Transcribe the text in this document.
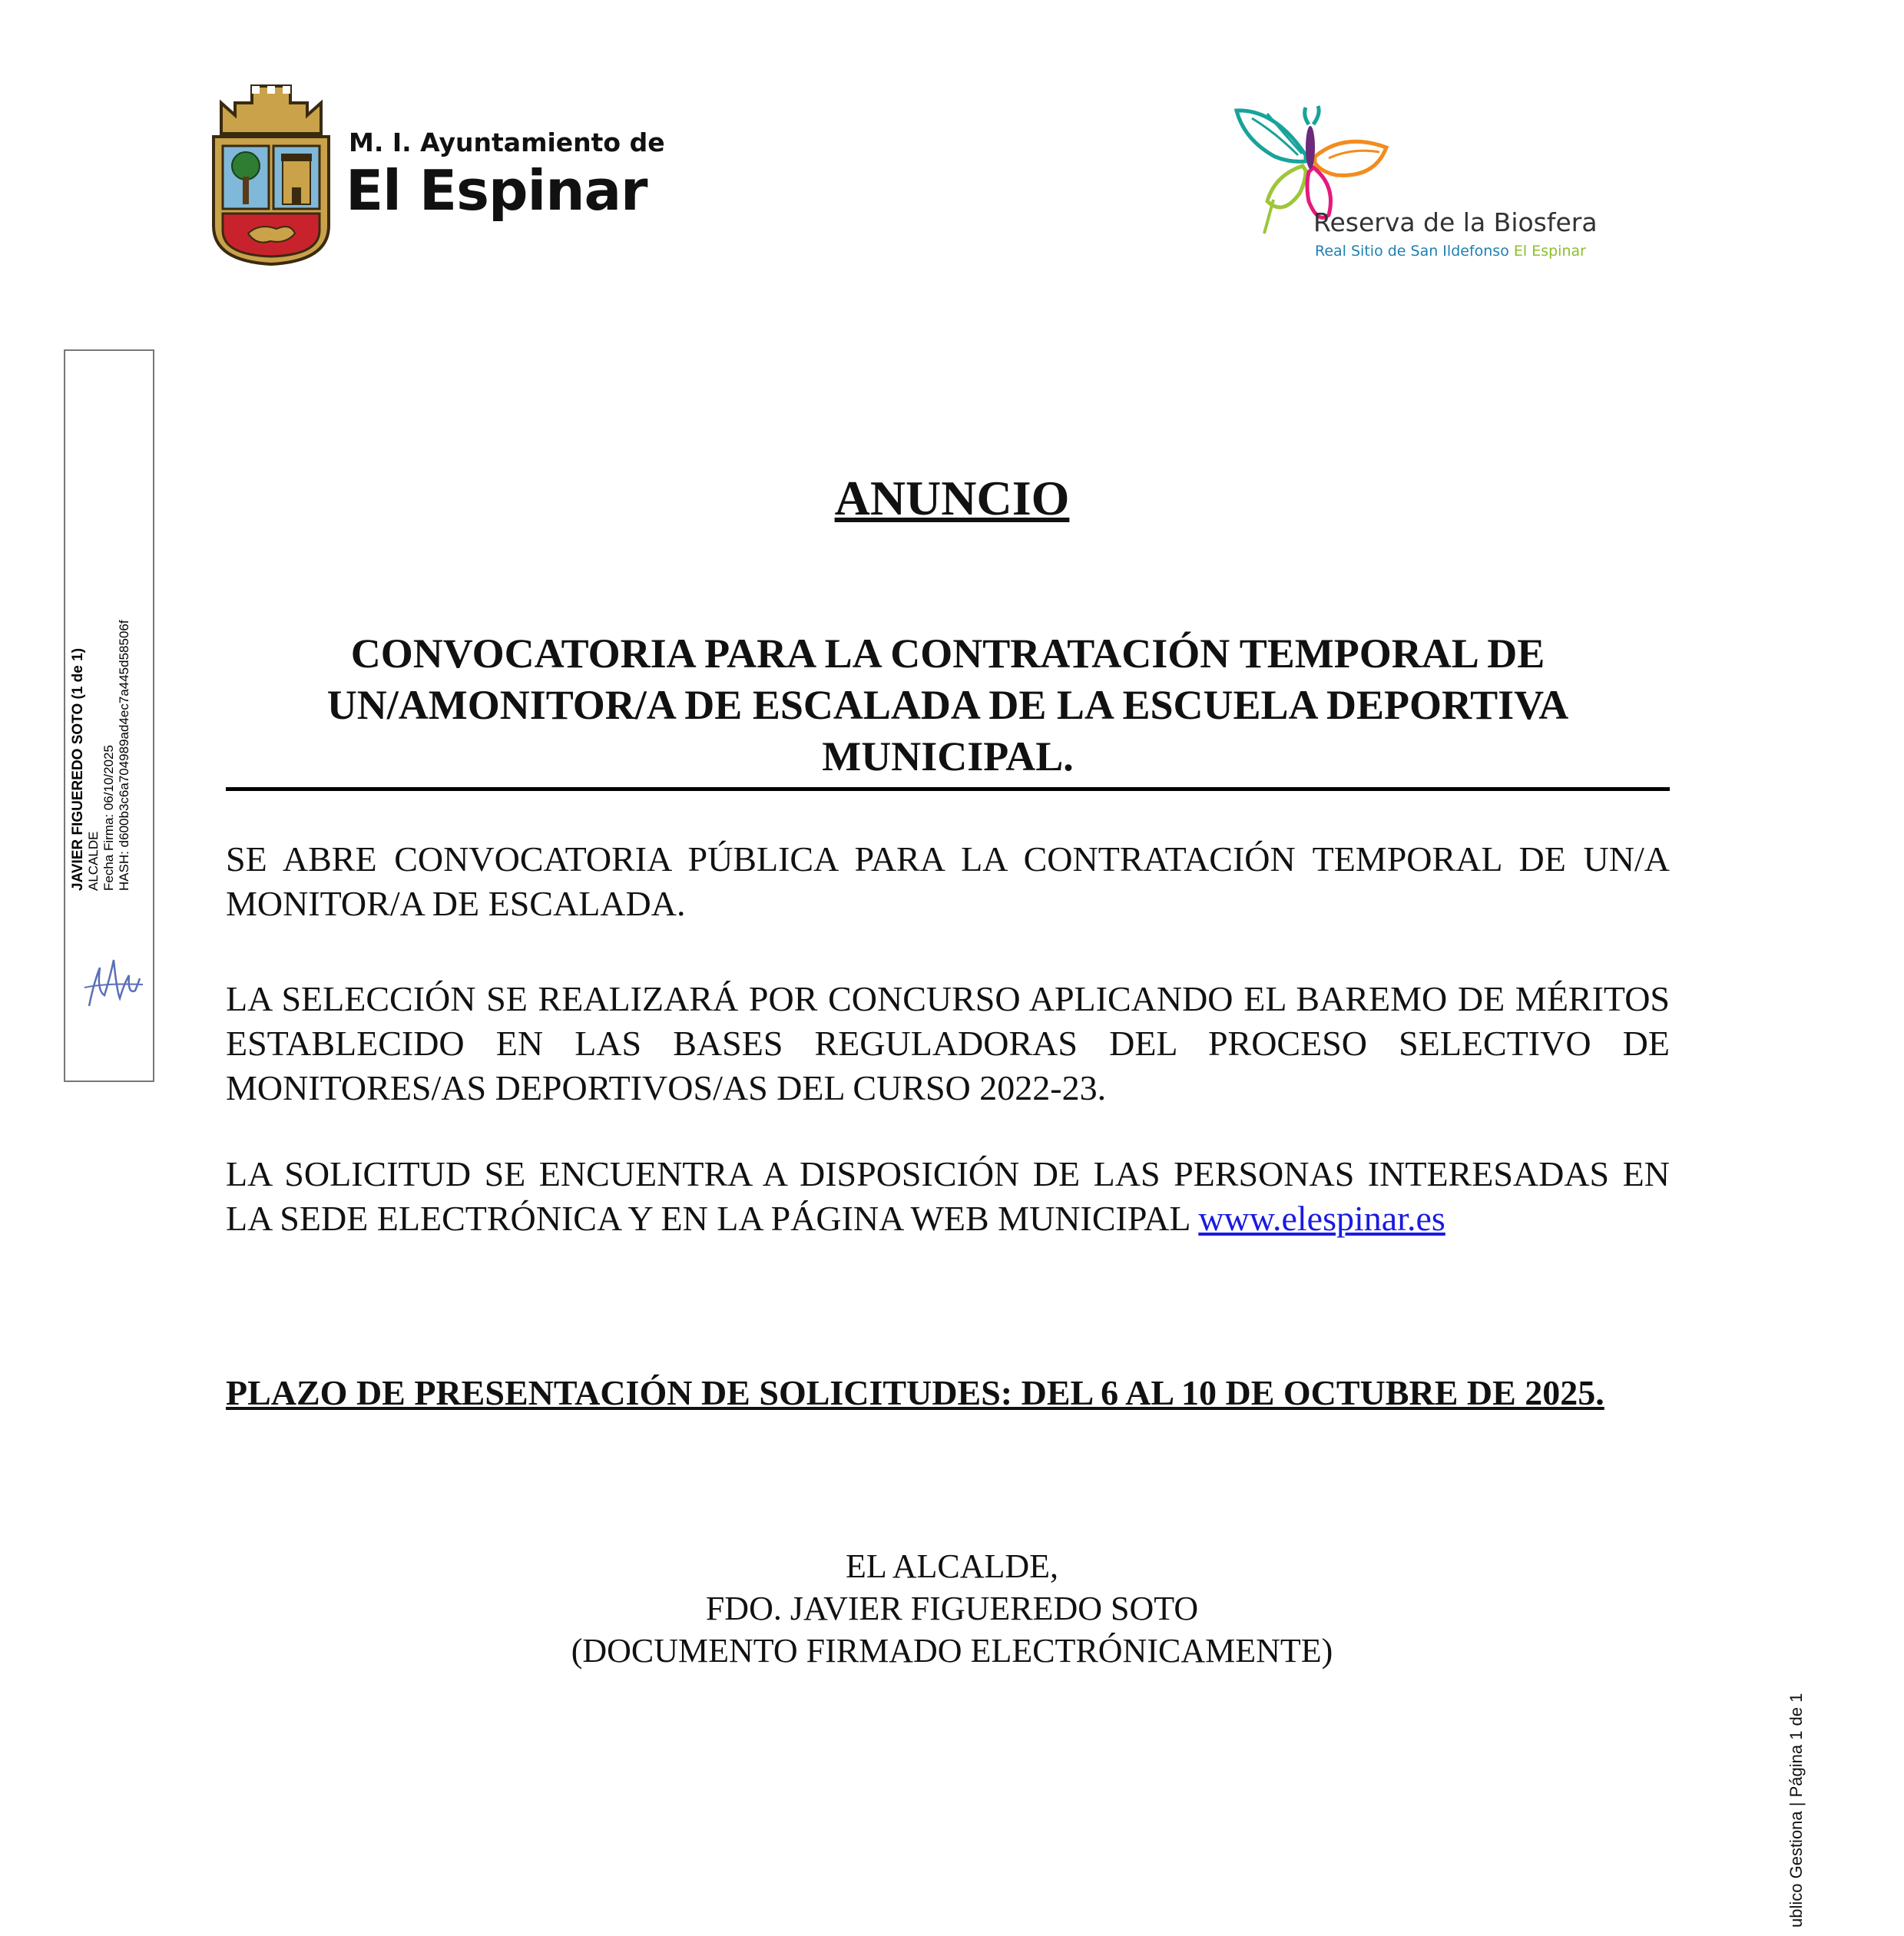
M. I. Ayuntamiento de
El Espinar	Reserva de la Biosfera
Real Sitio de San Ildefonso El Espinar
JAVIER FIGUEREDO SOTO (1 de 1) ALCALDE Fecha Firma: 06/10/2025 HASH: d600b3c6a704989ad4ec7a445d58506f
ublico Gestiona | Página 1 de 1
ANUNCIO
CONVOCATORIA PARA LA CONTRATACIÓN TEMPORAL DE UN/AMONITOR/A DE ESCALADA DE LA ESCUELA DEPORTIVA MUNICIPAL.

SE ABRE CONVOCATORIA PÚBLICA PARA LA CONTRATACIÓN TEMPORAL DE UN/A MONITOR/A DE ESCALADA.

LA SELECCIÓN SE REALIZARÁ POR CONCURSO APLICANDO EL BAREMO DE MÉRITOS ESTABLECIDO EN LAS BASES REGULADORAS DEL PROCESO SELECTIVO DE MONITORES/AS DEPORTIVOS/AS DEL CURSO 2022-23.

LA SOLICITUD SE ENCUENTRA A DISPOSICIÓN DE LAS PERSONAS INTERESADAS EN LA SEDE ELECTRÓNICA Y EN LA PÁGINA WEB MUNICIPAL www.elespinar.es

PLAZO DE PRESENTACIÓN DE SOLICITUDES: DEL 6 AL 10 DE OCTUBRE DE 2025.

EL ALCALDE,
FDO. JAVIER FIGUEREDO SOTO
(DOCUMENTO FIRMADO ELECTRÓNICAMENTE)
